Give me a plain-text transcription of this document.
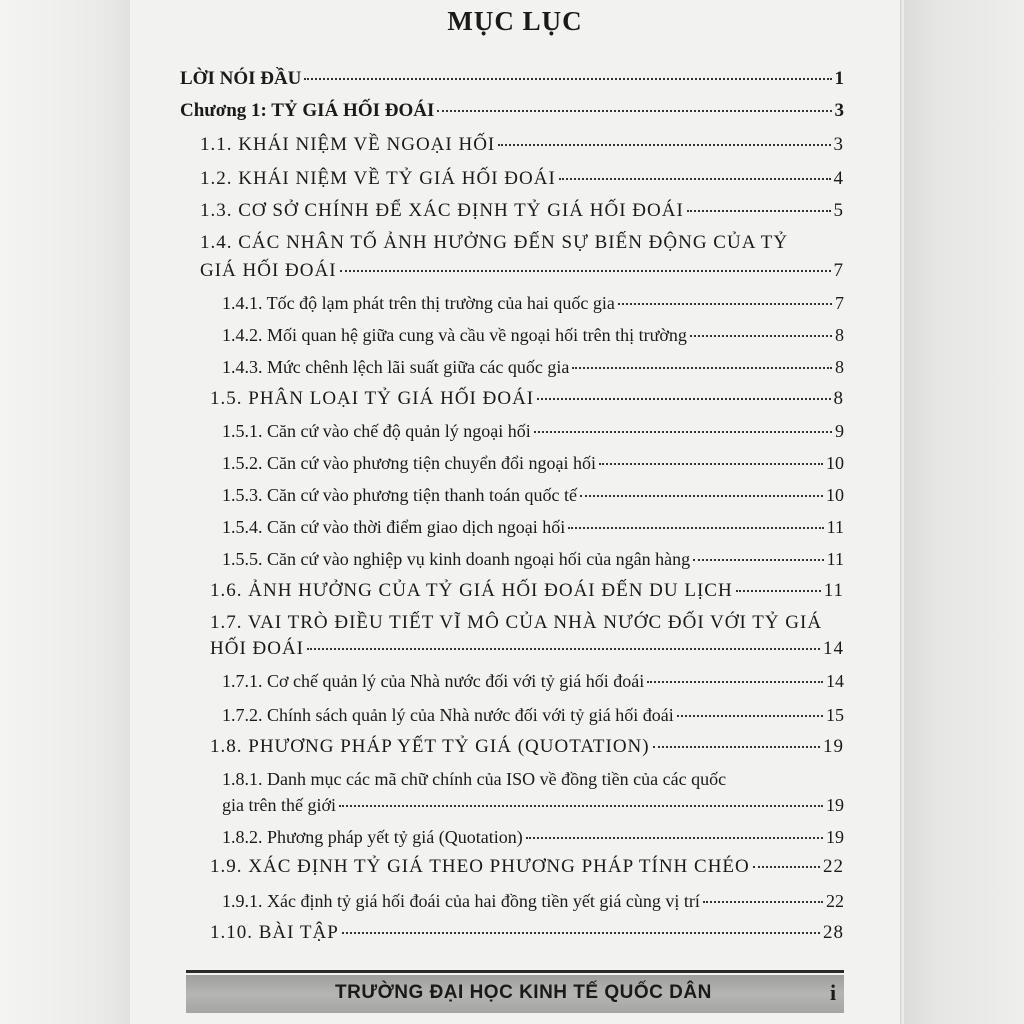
MỤC LỤC
LỜI NÓI ĐẦU	1
Chương 1: TỶ GIÁ HỐI ĐOÁI	3
1.1. KHÁI NIỆM VỀ NGOẠI HỐI	3
1.2. KHÁI NIỆM VỀ TỶ GIÁ HỐI ĐOÁI	4
1.3. CƠ SỞ CHÍNH ĐỂ XÁC ĐỊNH TỶ GIÁ HỐI ĐOÁI	5
1.4. CÁC NHÂN TỐ ẢNH HƯỞNG ĐẾN SỰ BIẾN ĐỘNG CỦA TỶ
GIÁ HỐI ĐOÁI	7
1.4.1. Tốc độ lạm phát trên thị trường của hai quốc gia	7
1.4.2. Mối quan hệ giữa cung và cầu về ngoại hối trên thị trường	8
1.4.3. Mức chênh lệch lãi suất giữa các quốc gia	8
1.5. PHÂN LOẠI TỶ GIÁ HỐI ĐOÁI	8
1.5.1. Căn cứ vào chế độ quản lý ngoại hối	9
1.5.2. Căn cứ vào phương tiện chuyển đổi ngoại hối	10
1.5.3. Căn cứ vào phương tiện thanh toán quốc tế	10
1.5.4. Căn cứ vào thời điểm giao dịch ngoại hối	11
1.5.5. Căn cứ vào nghiệp vụ kinh doanh ngoại hối của ngân hàng	11
1.6. ẢNH HƯỞNG CỦA TỶ GIÁ HỐI ĐOÁI ĐẾN DU LỊCH	11
1.7. VAI TRÒ ĐIỀU TIẾT VĨ MÔ CỦA NHÀ NƯỚC ĐỐI VỚI TỶ GIÁ
HỐI ĐOÁI	14
1.7.1. Cơ chế quản lý của Nhà nước đối với tỷ giá hối đoái	14
1.7.2. Chính sách quản lý của Nhà nước đối với tỷ giá hối đoái	15
1.8. PHƯƠNG PHÁP YẾT TỶ GIÁ (QUOTATION)	19
1.8.1. Danh mục các mã chữ chính của ISO về đồng tiền của các quốc
gia trên thế giới	19
1.8.2. Phương pháp yết tỷ giá (Quotation)	19
1.9. XÁC ĐỊNH TỶ GIÁ THEO PHƯƠNG PHÁP TÍNH CHÉO	22
1.9.1. Xác định tỷ giá hối đoái của hai đồng tiền yết giá cùng vị trí	22
1.10. BÀI TẬP	28
TRƯỜNG ĐẠI HỌC KINH TẾ QUỐC DÂN	i
